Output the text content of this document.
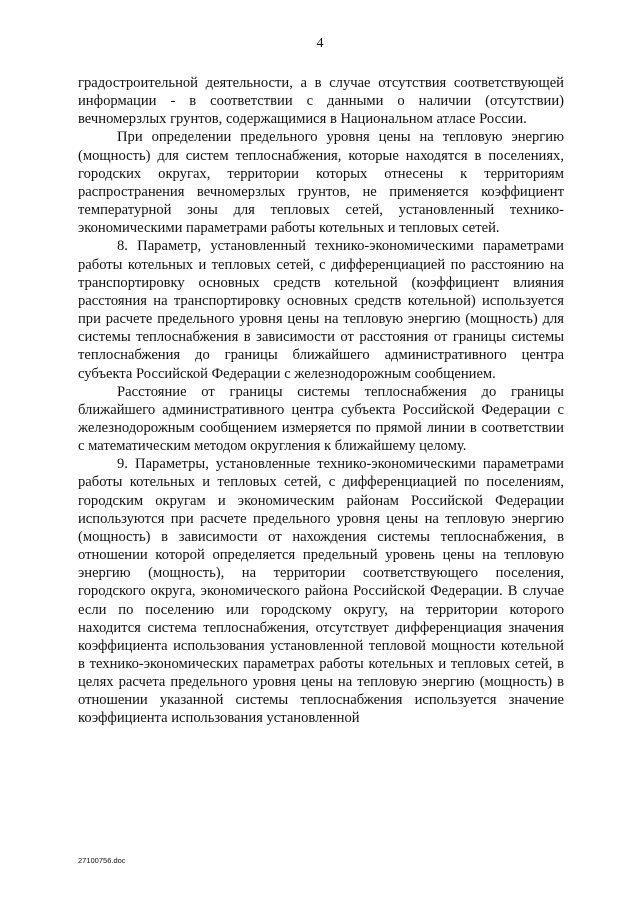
4

градостроительной деятельности, а в случае отсутствия соответствующей информации - в соответствии с данными о наличии (отсутствии) вечномерзлых грунтов, содержащимися в Национальном атласе России.

При определении предельного уровня цены на тепловую энергию (мощность) для систем теплоснабжения, которые находятся в поселениях, городских округах, территории которых отнесены к территориям распространения вечномерзлых грунтов, не применяется коэффициент температурной зоны для тепловых сетей, установленный технико-экономическими параметрами работы котельных и тепловых сетей.

8. Параметр, установленный технико-экономическими параметрами работы котельных и тепловых сетей, с дифференциацией по расстоянию на транспортировку основных средств котельной (коэффициент влияния расстояния на транспортировку основных средств котельной) используется при расчете предельного уровня цены на тепловую энергию (мощность) для системы теплоснабжения в зависимости от расстояния от границы системы теплоснабжения до границы ближайшего административного центра субъекта Российской Федерации с железнодорожным сообщением.

Расстояние от границы системы теплоснабжения до границы ближайшего административного центра субъекта Российской Федерации с железнодорожным сообщением измеряется по прямой линии в соответствии с математическим методом округления к ближайшему целому.

9. Параметры, установленные технико-экономическими параметрами работы котельных и тепловых сетей, с дифференциацией по поселениям, городским округам и экономическим районам Российской Федерации используются при расчете предельного уровня цены на тепловую энергию (мощность) в зависимости от нахождения системы теплоснабжения, в отношении которой определяется предельный уровень цены на тепловую энергию (мощность), на территории соответствующего поселения, городского округа, экономического района Российской Федерации. В случае если по поселению или городскому округу, на территории которого находится система теплоснабжения, отсутствует дифференциация значения коэффициента использования установленной тепловой мощности котельной в технико-экономических параметрах работы котельных и тепловых сетей, в целях расчета предельного уровня цены на тепловую энергию (мощность) в отношении указанной системы теплоснабжения используется значение коэффициента использования установленной

27100756.doc
